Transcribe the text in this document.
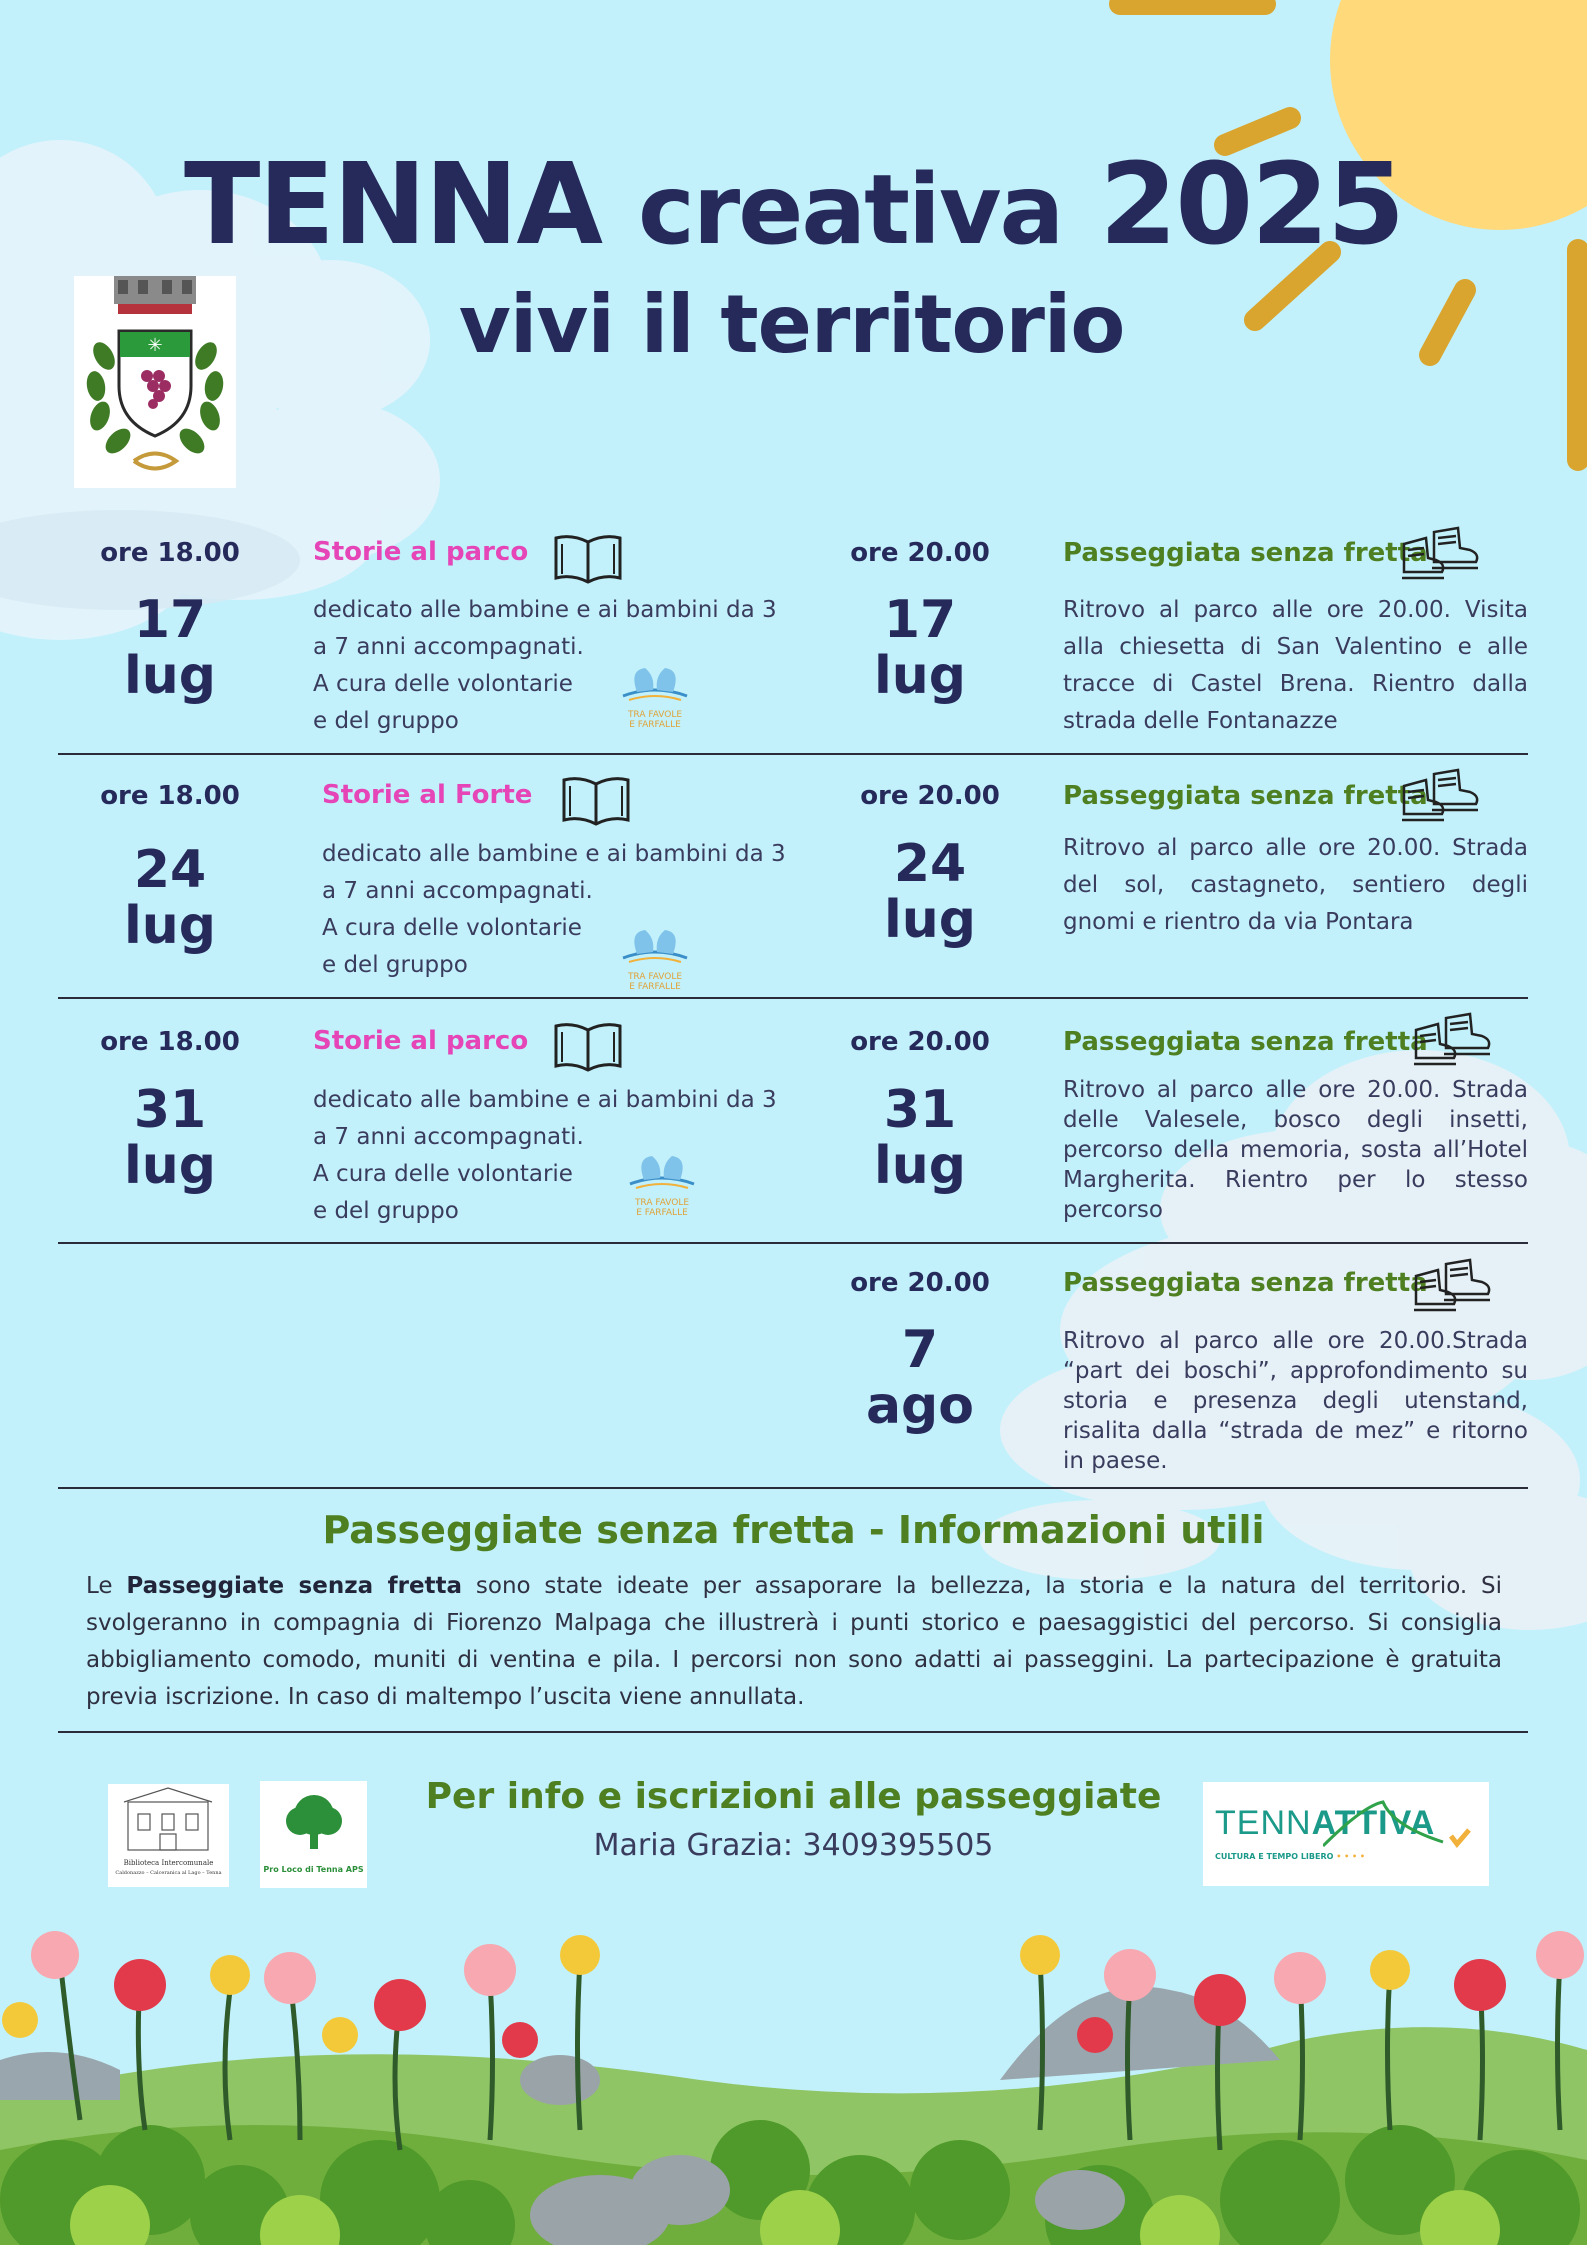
TENNA creativa 2025
vivi il territorio
✳
ore 18.00
17
lug
Storie al parco
dedicato alle bambine e ai bambini da 3
a 7 anni accompagnati.
A cura delle volontarie
e del gruppo	TRA FAVOLE
E FARFALLE
ore 20.00
17
lug
Passeggiata senza fretta
Ritrovo al parco alle ore 20.00. Visita alla chiesetta di San Valentino e alle tracce di Castel Brena. Rientro dalla strada delle Fontanazze
ore 18.00
24
lug
Storie al Forte
dedicato alle bambine e ai bambini da 3
a 7 anni accompagnati.
A cura delle volontarie
e del gruppo	TRA FAVOLE
E FARFALLE
ore 20.00
24
lug
Passeggiata senza fretta
Ritrovo al parco alle ore 20.00. Strada del sol, castagneto, sentiero degli gnomi e rientro da via Pontara
ore 18.00
31
lug
Storie al parco
dedicato alle bambine e ai bambini da 3
a 7 anni accompagnati.
A cura delle volontarie
e del gruppo	TRA FAVOLE
E FARFALLE
ore 20.00
31
lug
Passeggiata senza fretta
Ritrovo al parco alle ore 20.00. Strada delle Valesele, bosco degli insetti, percorso della memoria, sosta all’Hotel Margherita. Rientro per lo stesso percorso
ore 20.00
7
ago
Passeggiata senza fretta
Ritrovo al parco alle ore 20.00.Strada “part dei boschi”, approfondimento su storia e presenza degli utenstand, risalita dalla “strada de mez” e ritorno in paese.
Passeggiate senza fretta - Informazioni utili
Le Passeggiate senza fretta sono state ideate per assaporare la bellezza, la storia e la natura del territorio. Si svolgeranno in compagnia di Fiorenzo Malpaga che illustrerà i punti storico e paesaggistici del percorso. Si consiglia abbigliamento comodo, muniti di ventina e pila. I percorsi non sono adatti ai passeggini. La partecipazione è gratuita previa iscrizione. In caso di maltempo l’uscita viene annullata.
Biblioteca Intercomunale
Caldonazzo – Calceranica al Lago – Tenna	Pro Loco di Tenna APS
Per info e iscrizioni alle passeggiate
Maria Grazia: 3409395505
TENNATTIVA
CULTURA E TEMPO LIBERO • • • •
